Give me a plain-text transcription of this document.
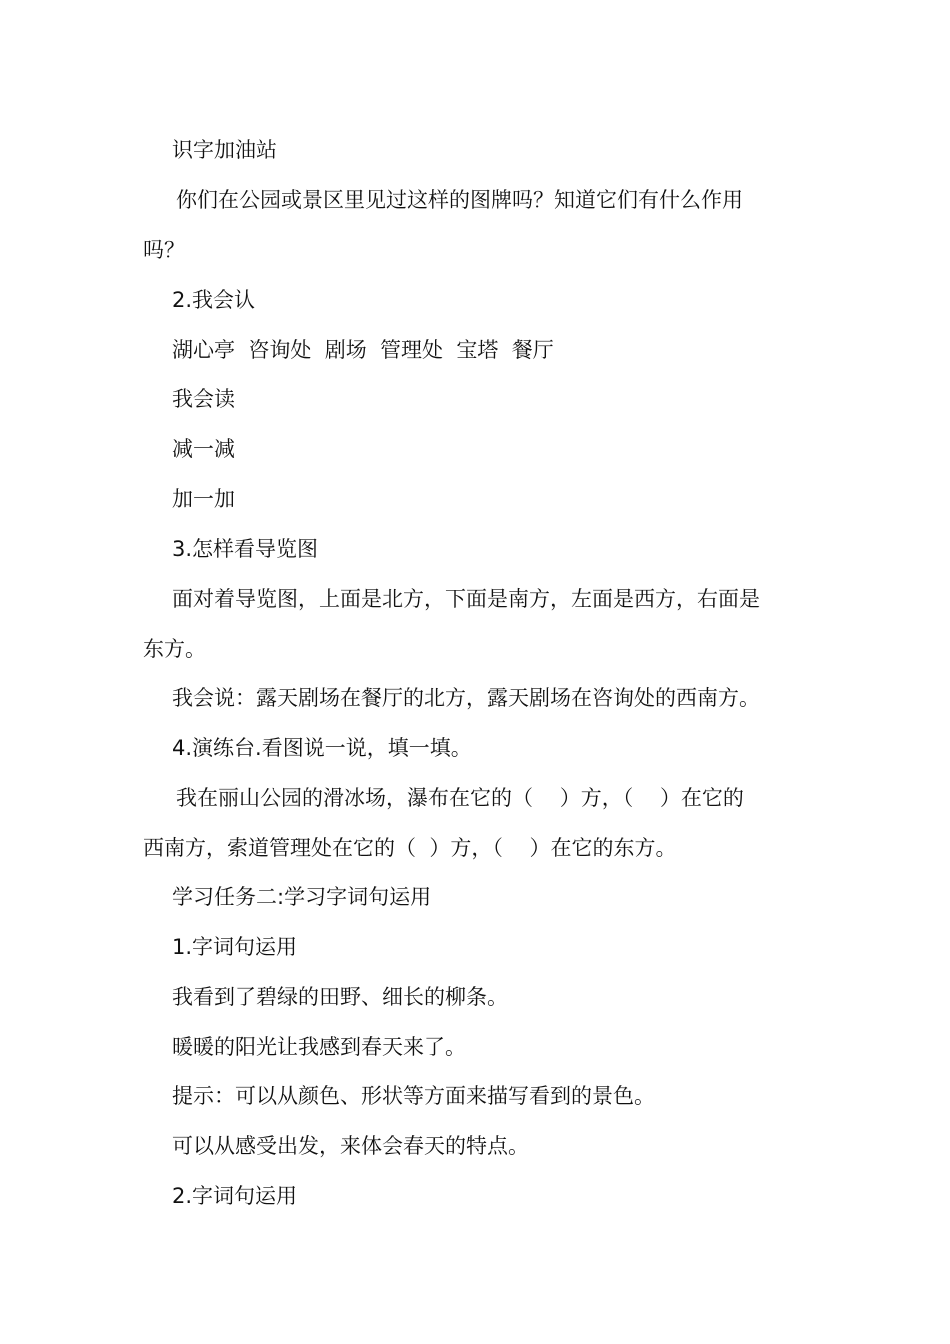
识字加油站
你们在公园或景区里见过这样的图牌吗？知道它们有什么作用
吗？
2.我会认
湖心亭  咨询处  剧场  管理处  宝塔  餐厅
我会读
减一减
加一加
3.怎样看导览图
面对着导览图，上面是北方，下面是南方，左面是西方，右面是
东方。
我会说：露天剧场在餐厅的北方，露天剧场在咨询处的西南方。
4.演练台.看图说一说，填一填。
我在丽山公园的滑冰场，瀑布在它的（    ）方，（    ）在它的
西南方，索道管理处在它的（  ）方，（    ）在它的东方。
学习任务二:学习字词句运用
1.字词句运用
我看到了碧绿的田野、细长的柳条。
暖暖的阳光让我感到春天来了。
提示：可以从颜色、形状等方面来描写看到的景色。
可以从感受出发，来体会春天的特点。
2.字词句运用
